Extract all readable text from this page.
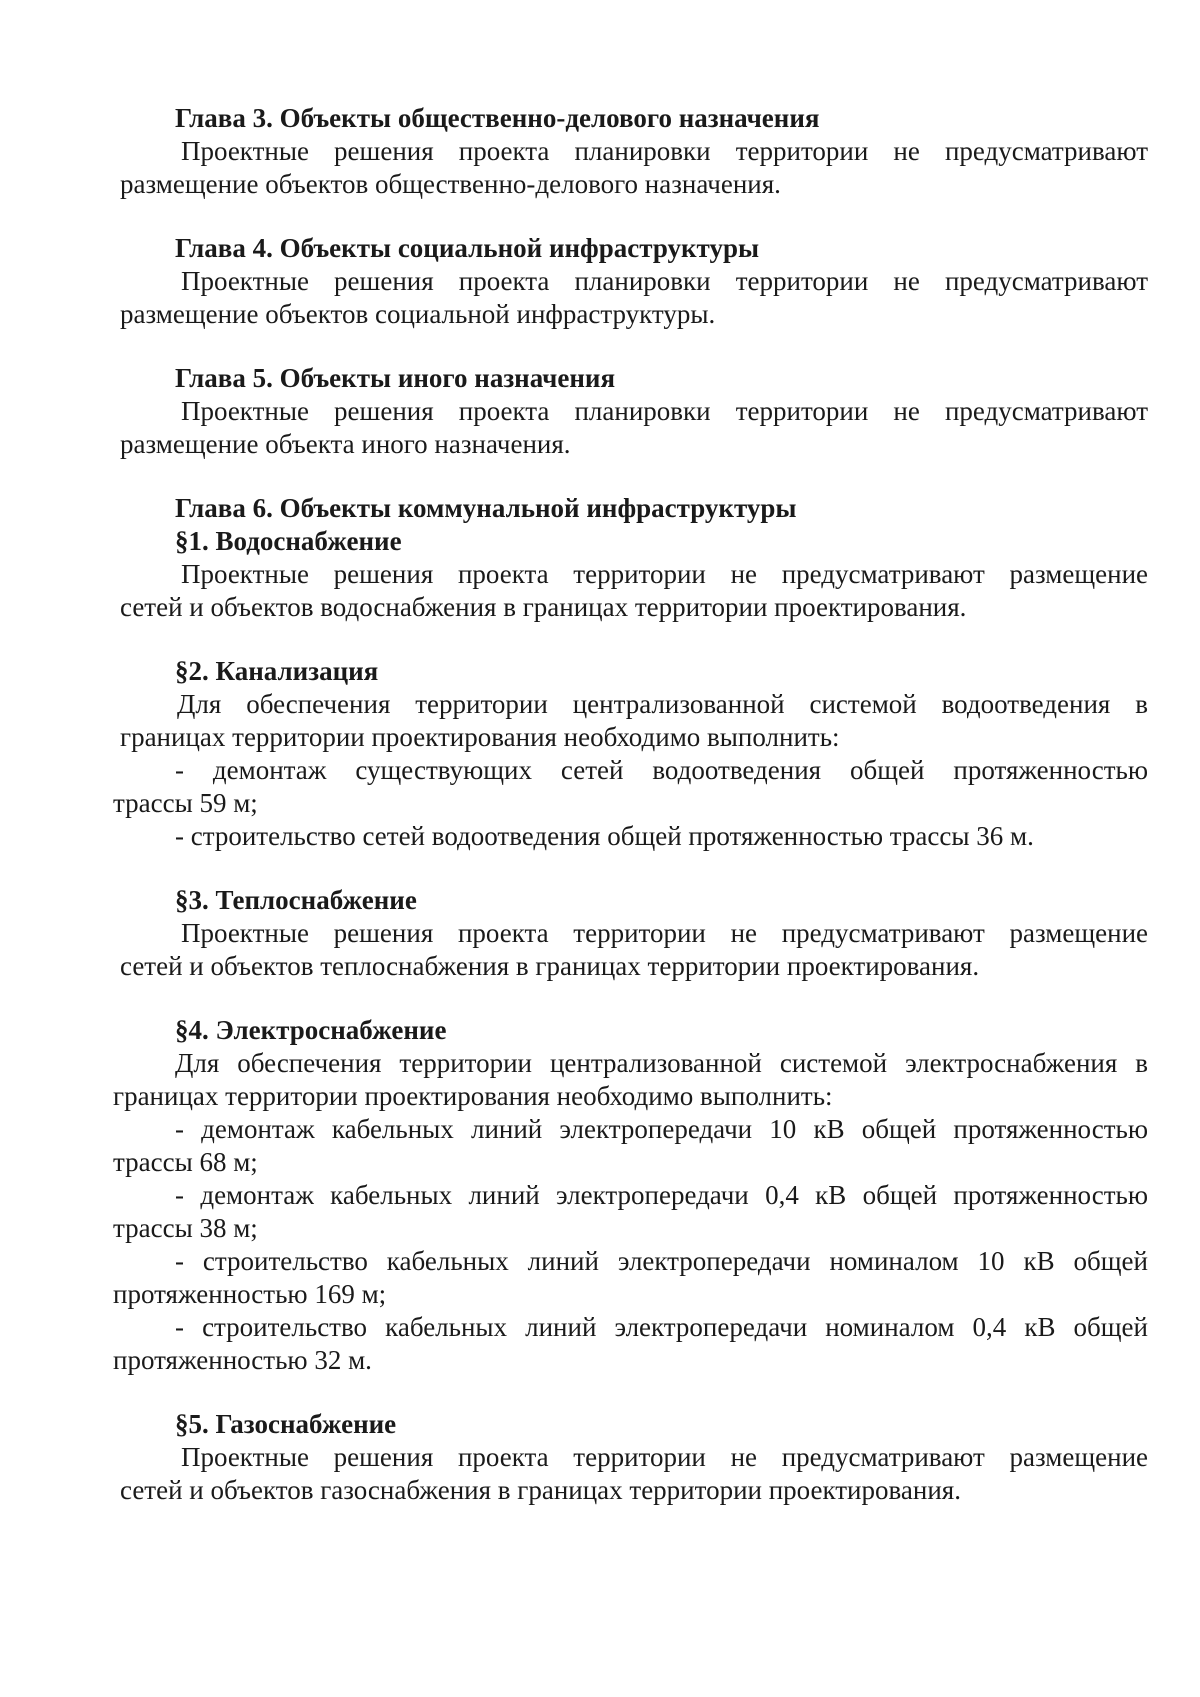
Глава 3. Объекты общественно-делового назначения
Проектные решения проекта планировки территории не предусматривают
размещение объектов общественно-делового назначения.
Глава 4. Объекты социальной инфраструктуры
Проектные решения проекта планировки территории не предусматривают
размещение объектов социальной инфраструктуры.
Глава 5. Объекты иного назначения
Проектные решения проекта планировки территории не предусматривают
размещение объекта иного назначения.
Глава 6. Объекты коммунальной инфраструктуры
§1. Водоснабжение
Проектные решения проекта территории не предусматривают размещение
сетей и объектов водоснабжения в границах территории проектирования.
§2. Канализация
Для обеспечения территории централизованной системой водоотведения в
границах территории проектирования необходимо выполнить:
- демонтаж существующих сетей водоотведения общей протяженностью
трассы 59 м;
- строительство сетей водоотведения общей протяженностью трассы 36 м.
§3. Теплоснабжение
Проектные решения проекта территории не предусматривают размещение
сетей и объектов теплоснабжения в границах территории проектирования.
§4. Электроснабжение
Для обеспечения территории централизованной системой электроснабжения в
границах территории проектирования необходимо выполнить:
- демонтаж кабельных линий электропередачи 10 кВ общей протяженностью
трассы 68 м;
- демонтаж кабельных линий электропередачи 0,4 кВ общей протяженностью
трассы 38 м;
- строительство кабельных линий электропередачи номиналом 10 кВ общей
протяженностью 169 м;
- строительство кабельных линий электропередачи номиналом 0,4 кВ общей
протяженностью 32 м.
§5. Газоснабжение
Проектные решения проекта территории не предусматривают размещение
сетей и объектов газоснабжения в границах территории проектирования.
